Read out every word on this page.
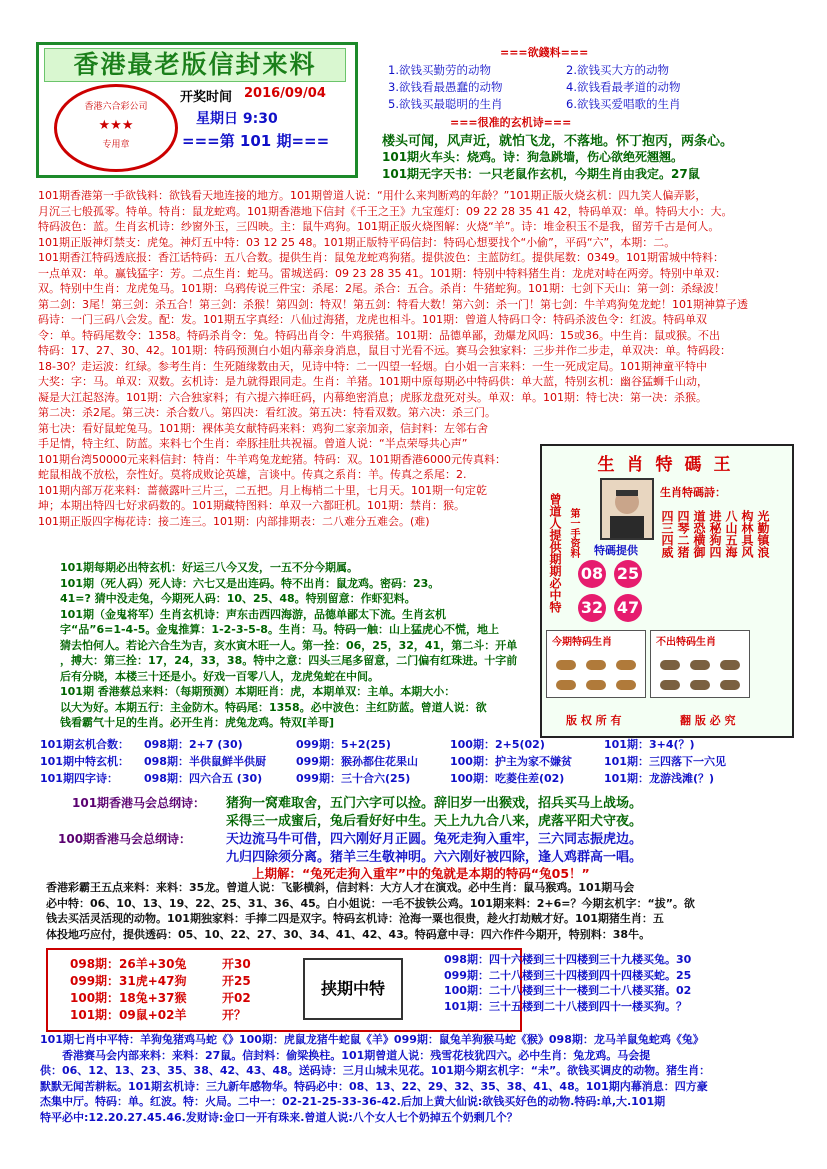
香港最老版信封来料
香港六合彩公司
★★★
专用章
开奖时间 2016/09/04
星期日 9:30
===第 101 期===
===欲錢料===
1.欲钱买勤劳的动物	2.欲钱买大方的动物
3.欲钱看最愚蠢的动物	4.欲钱看最孝道的动物
5.欲钱买最聪明的生肖	6.欲钱买爱唱歌的生肖
===很准的玄机诗===
楼头可闻，风声近，就怕飞龙，不落地。怀丁抱丙，两条心。
101期火车头：烧鸡。诗：狗急跳墙，伤心欲绝死翘翘。
101期无字天书：一只老鼠作玄机，今期生肖由我定。27鼠

101期香港第一手欲钱料：欲钱看天地连接的地方。101期曾道人说：“用什么来判断鸡的年龄？”101期正版火烧玄机：四九笑人偏弄影，

月沉三七般孤零。特单。特肖：鼠龙蛇鸡。101期香港地下信封《千王之王》九宝莲灯：09 22 28 35 41 42，特码单双：单。特码大小：大。

特码波色：蓝。生肖玄机诗：纱窗外玉，三四映。主：鼠牛鸡狗。101期正版火烧图解：火烧“羊”。诗：堆金积玉不是我，留芳千古是何人。

101期正版神灯禁支：虎兔。神灯五中特：03 12 25 48。101期正版特平码信封：特码心想要找个“小偷”，平码“六”，本期：二。

101期香江特码透底报：香江话特码：五八合数。提供生肖：鼠兔龙蛇鸡狗猪。提供波色：主蓝防红。提供尾数：0349。101期雷城中特料：

一点单双：单。赢钱猛字：芳。二点生肖：蛇马。雷城送码：09 23 28 35 41。101期：特别中特料猪生肖：龙虎对峙在两旁。特别中单双：

双。特别中生肖：龙虎兔马。101期：乌鸦传说三件宝：杀尾：2尾。杀合：五合。杀肖：牛猪蛇狗。101期：七剑下天山：第一剑：杀绿波！

第二剑：3尾！第三剑：杀五合！第三剑：杀猴！第四剑：特双！第五剑：特看大数！第六剑：杀一门！第七剑：牛羊鸡狗兔龙蛇！101期神算子透

码诗：一门三码八会发。配：发。101期五字真经：八仙过海猪，龙虎也相斗。101期：曾道人特码口令：特码杀波色令：红波。特码单双

令：单。特码尾数令：1358。特码杀肖令：兔。特码出肖令：牛鸡猴猪。101期：品德单鄙，劲爆龙风吗：15或36。中生肖：鼠或猴。不出

特码：17、27、30、42。101期：特码预测白小姐内幕亲身消息，鼠目寸光看不远。赛马会独家料：三步并作二步走，单双决：单。特码段：

18-30？走运波：红绿。参考生肖：生死随缘数由天，见诗中特：二一四望一轻烟。白小姐一言来料：一生一死成定局。101期神童平特中

大奖：字：马。单双：双数。玄机诗：是九就得跟同走。生肖：羊猪。101期中原每期必中特码供：单大蓝，特别玄机：幽谷猛蛳千山动，

凝是大江起怒涛。101期：六合独家料；有六提六捧旺码，内幕绝密消息；虎豚龙盘死对头。单双：单。101期：特七决：第一决：杀猴。

第二决：杀2尾。第三决：杀合数八。第四决：看红波。第五决：特看双数。第六决：杀三门。

第七决：看好鼠蛇兔马。101期：裸体美女献特码来料：鸡狗二家亲加亲，信封料：左邻右舍

手足情，特主红、防蓝。来料七个生肖：牵豚挂肚共祝福。曾道人说：“半点荣辱共心声”

101期台湾50000元来料信封：特肖：牛羊鸡兔龙蛇猪。特码：双。101期香港6000元传真料：

蛇鼠相战不放松，奈性好。莫将成败论英雄，言谈中。传真之系肖：羊。传真之系尾：2.

101期内部万花来料：蔷薇露叶三片三，二五把。月上梅梢二十里，七月天。101期一句定乾

坤；本期出特四七好求码数的。101期藏特图料：单双一六都旺机。101期：禁肖：猴。

101期正版四字梅花诗：接二连三。101期：内部排期表：二八难分五难会。(难)

101期每期必出特玄机：好运三八今又发，一五不分今期属。
101期（死人码）死人诗：六七又是出连码。特不出肖：鼠龙鸡。密码：23。
41=? 猜中没走兔，今期死人码：10、25、48。特别留意：作虾犯料。
101期（金鬼将军）生肖玄机诗：声东击西四海游，品德单鄙太下流。生肖玄机
字“品”6=1-4-5。金鬼推算：1-2-3-5-8。生肖：马。特码一触：山上猛虎心不慌，地上
猜去怕何人。若论六合生为吉，亥水寅木旺一人。第一拴：06，25，32，41，第二斗：开单
，搏大：第三拴：17，24，33，38。特中之意：四头三尾多留意，二门偏有红珠进。十字前
后有分晓，本楼三十还是小。好戏一百零八人，龙虎兔蛇在中间。
101期 香港蔡总来料：（每期预测）本期旺肖：虎，本期单双：主单。本期大小：
以大为好。本期五行：主金防木。特码尾：1358。必中波色：主红防蓝。曾道人说：欲
钱看霸气十足的生肖。必开生肖：虎兔龙鸡。特双[羊哥]
生肖特碼王
曾道人提供期期必中特 第一手资料
生肖特碼詩：
四三四威 四琴二猪 道恐横御 进秘狗四 八山五海 构林具风 光勤镇浪
特碼提供
08 25
32 47
今期特码生肖	不出特码生肖
版 权 所 有	翻 版 必 究
101期玄机合数： 098期：2+7 (30)	099期：5+2(25)	100期：2+5(02)	101期：3+4(？)
101期中特玄机： 098期：半供鼠鲜半供厨	099期：猴孙都住花果山	100期：护主为家不嫌贫	101期：三四落下一六见
101期四字诗： 098期：四六合五 (30)	099期：三十合六(25)	100期：吃菱住差(02)	101期：龙游浅滩(？)
101期香港马会总纲诗： 猪狗一窝难取舍，五门六字可以捡。辞旧岁一出猴戏，招兵买马上战场。
采得三一成蜜后，兔后看好好中生。天上九九合八来，虎落平阳犬守夜。
100期香港马会总纲诗：	天边流马牛可借，四六刚好月正圆。兔死走狗入重牢，三六同志振虎边。
九归四除须分离。猪羊三生敬神明。六六刚好被四除，逢人鸡群高一唱。
上期解：“兔死走狗入重牢”中的兔就是本期的特码“兔05！”
香港彩霸王五点来料：来料：35龙。曾道人说：飞影横斜，信封料：大方人才在演戏。必中生肖：鼠马猴鸡。101期马会
必中特：06、10、13、19、22、25、31、36、45。白小姐说：一毛不拔铁公鸡。101期来料：2+6=？今期玄机字：“拔”。欲
钱去买活灵活现的动物。101期独家料：手捧二四是双字。特码玄机诗：沧海一粟也很贵，趁火打劫贼才好。101期猪生肖：五
体投地巧应付，提供透码：05、10、22、27、30、34、41、42、43。特码意中寻：四六作件今期开，特别料：38牛。
098期：26羊+30兔	开30
099期：31虎+47狗	开25
100期：18兔+37猴	开02
101期：09鼠+02羊	开？
挟期中特
098期：四十六楼到三十四楼到三十九楼买兔。30
099期：二十八楼到三十四楼到四十四楼买蛇。25
100期：二十八楼到三十一楼到二十八楼买猪。02
101期：三十五楼到二十八楼到四十一楼买狗。？
101期七肖中平特：羊狗兔猪鸡马蛇《》100期：虎鼠龙猪牛蛇鼠《羊》099期：鼠兔羊狗猴马蛇《猴》098期：龙马羊鼠兔蛇鸡《兔》
香港赛马会内部来料：来料：27鼠。信封料：偷梁换柱。101期曾道人说：残雪花枝犹四六。必中生肖：兔龙鸡。马会提
供：06、12、13、23、35、38、42、43、48。送码诗：三月山城未见花。101期今期玄机字：“未”。欲钱买调皮的动物。猪生肖：
默默无闻苦耕耘。101期玄机诗：三九新年感物华。特码必中：08、13、22、29、32、35、38、41、48。101期内幕消息：四方豪
杰集中厅。特码：单。红波。特：火局。二中一：02-21-25-33-36-42.后加上黄大仙说:欲钱买好色的动物.特码:单,大.101期
特平必中:12.20.27.45.46.发财诗:金口一开有珠来.曾道人说:八个女人七个奶掉五个奶剩几个？
